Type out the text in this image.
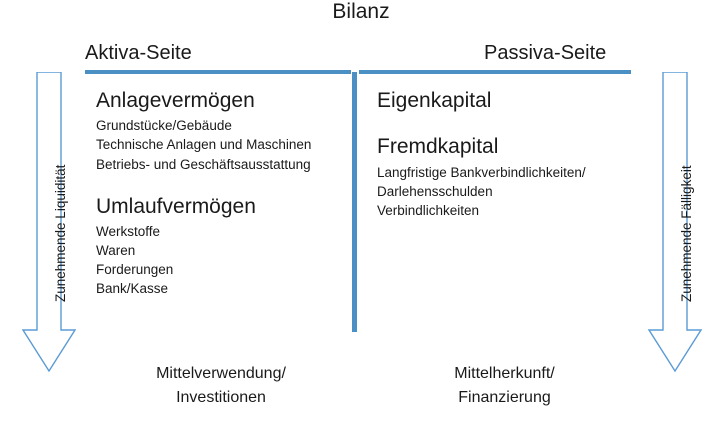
Bilanz
Aktiva-Seite	Passiva-Seite
Zunehmende Liquidität	Zunehmende Fälligkeit
Anlagevermögen
Grundstücke/Gebäude
Technische Anlagen und Maschinen
Betriebs- und Geschäftsausstattung
Umlaufvermögen
Werkstoffe
Waren
Forderungen
Bank/Kasse
Eigenkapital
Fremdkapital
Langfristige Bankverbindlichkeiten/
Darlehensschulden
Verbindlichkeiten
Mittelverwendung/
Investitionen
Mittelherkunft/
Finanzierung
